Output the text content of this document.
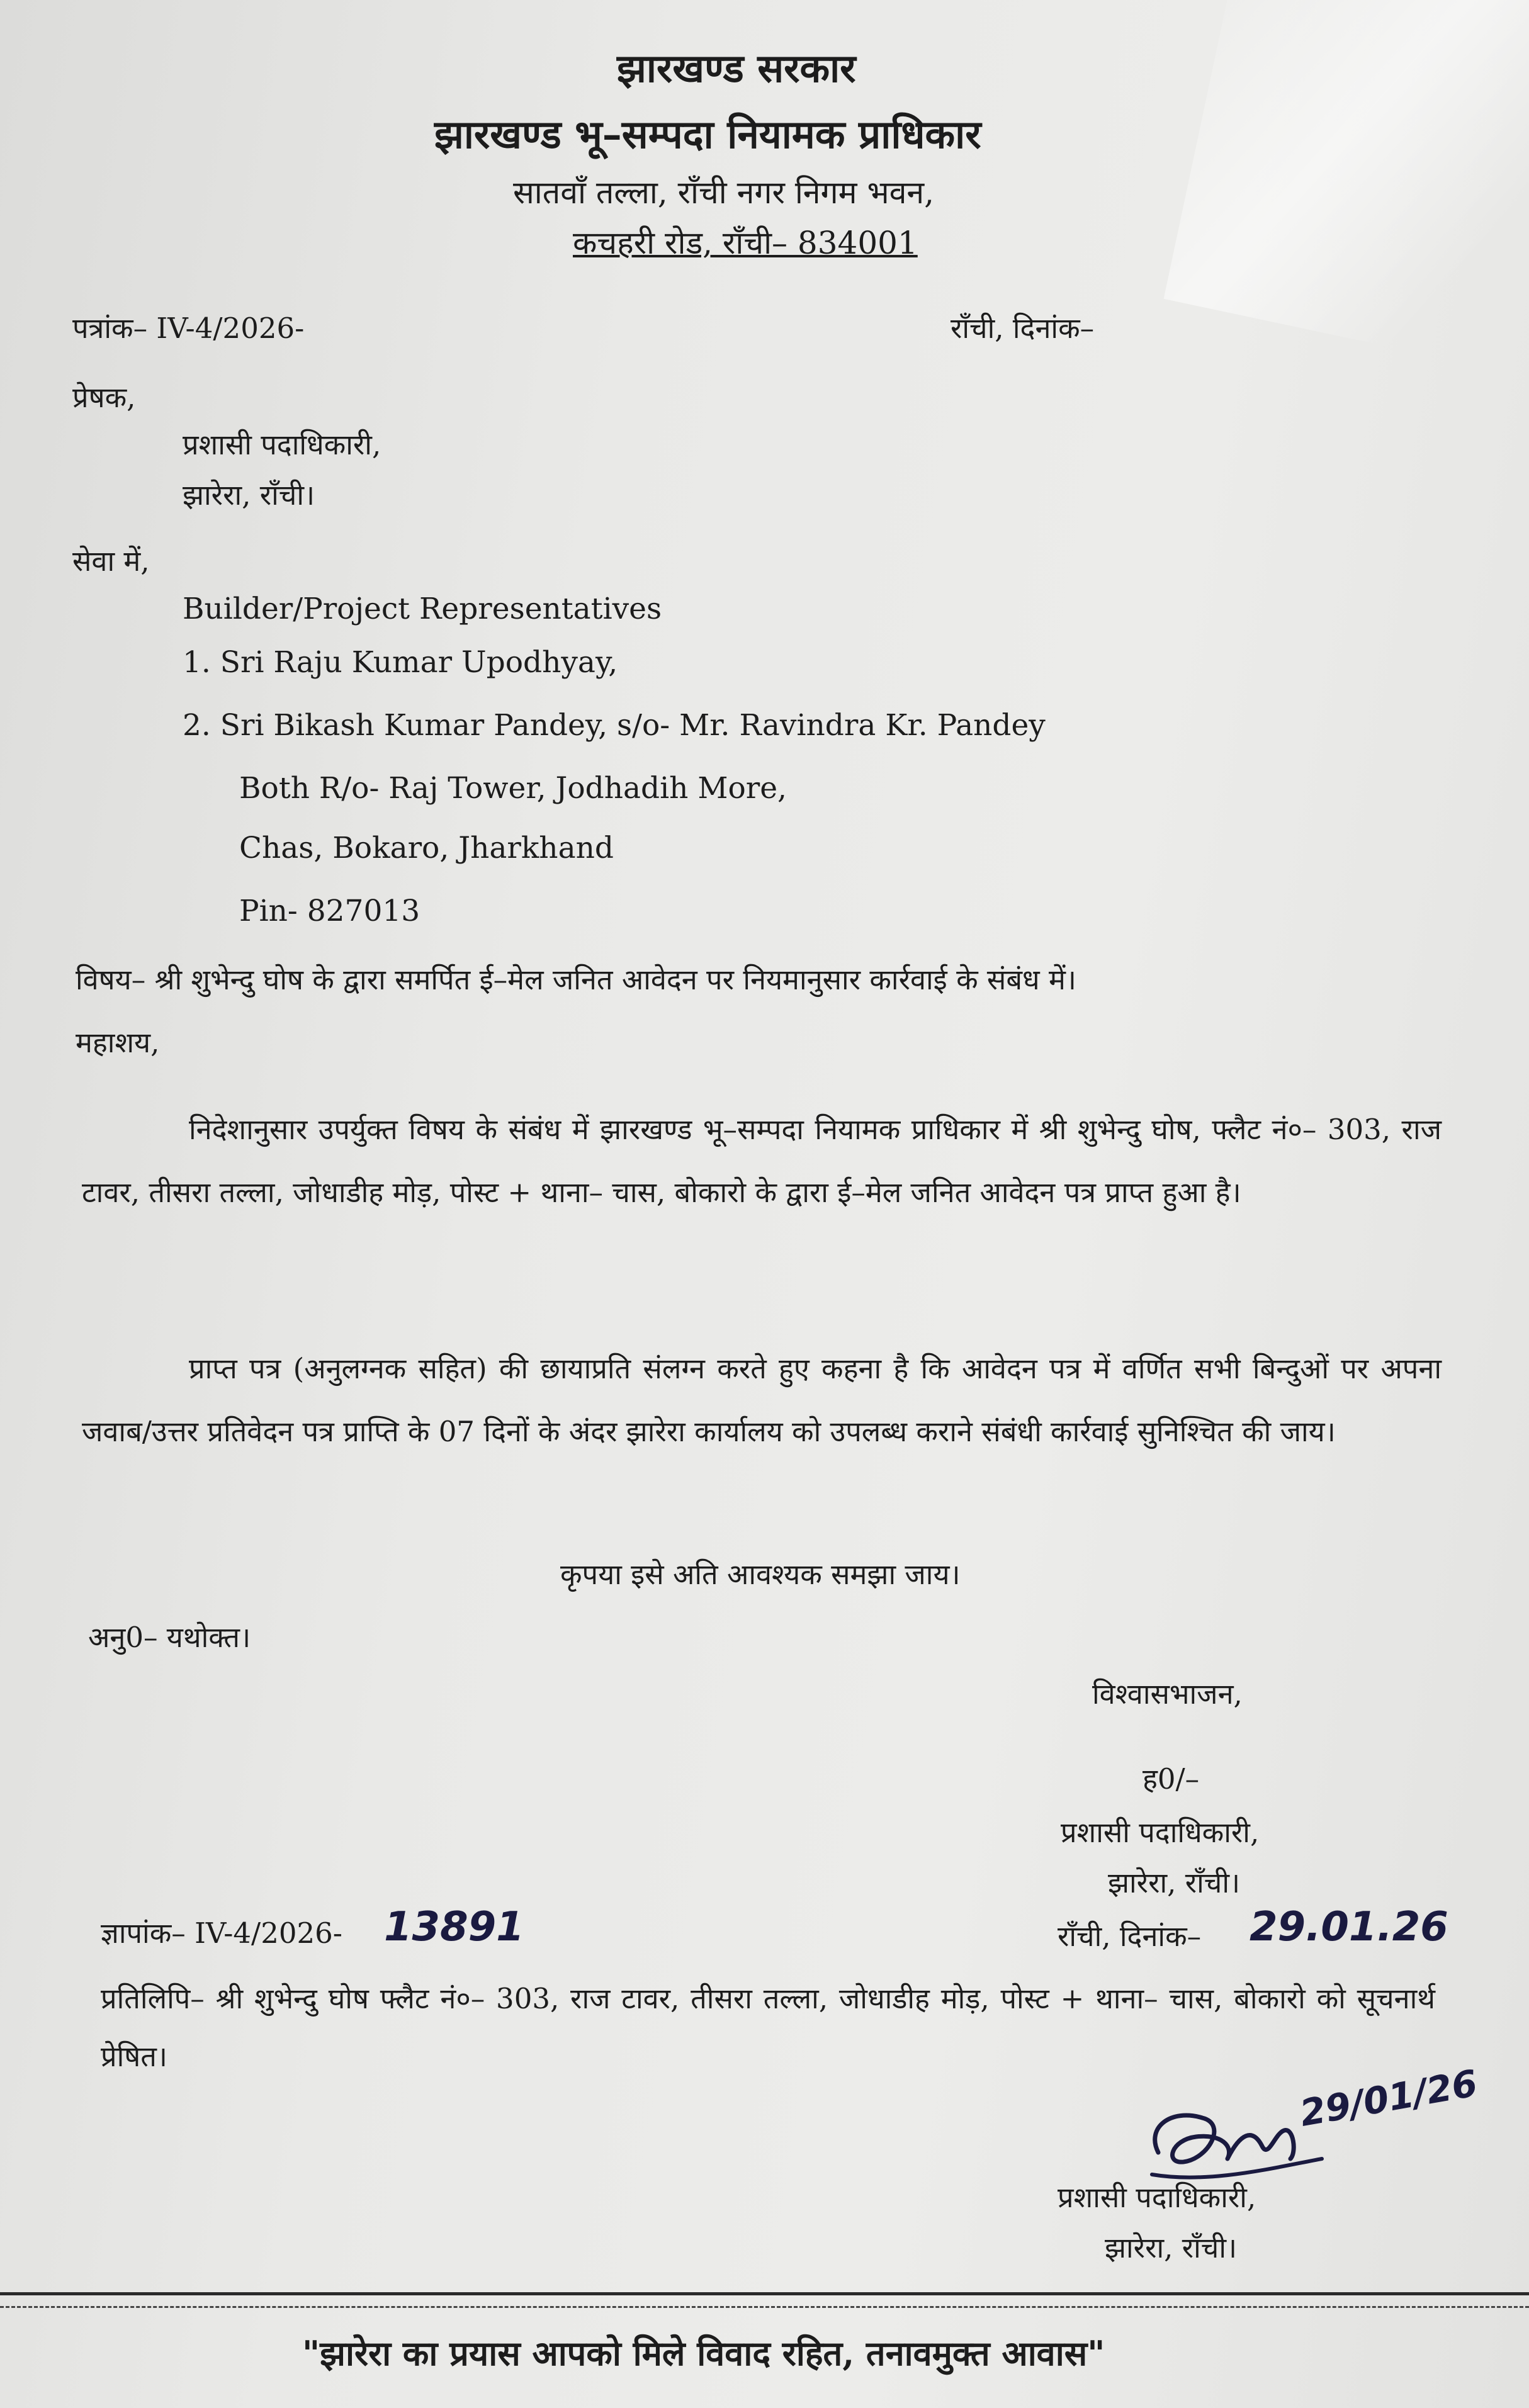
झारखण्ड सरकार
झारखण्ड भू–सम्पदा नियामक प्राधिकार
सातवाँ तल्ला, राँची नगर निगम भवन,
कचहरी रोड, राँची– 834001
पत्रांक– IV-4/2026-	राँची, दिनांक–
प्रेषक,
प्रशासी पदाधिकारी,
झारेरा, राँची।
सेवा में,
Builder/Project Representatives
1. Sri Raju Kumar Upodhyay,
2. Sri Bikash Kumar Pandey, s/o- Mr. Ravindra Kr. Pandey
Both R/o- Raj Tower, Jodhadih More,
Chas, Bokaro, Jharkhand
Pin- 827013
विषय– श्री शुभेन्दु घोष के द्वारा समर्पित ई–मेल जनित आवेदन पर नियमानुसार कार्रवाई के संबंध में।
महाशय,
निदेशानुसार उपर्युक्त विषय के संबंध में झारखण्ड भू–सम्पदा नियामक प्राधिकार में श्री शुभेन्दु घोष, फ्लैट नं०– 303, राज टावर, तीसरा तल्ला, जोधाडीह मोड़, पोस्ट + थाना– चास, बोकारो के द्वारा ई–मेल जनित आवेदन पत्र प्राप्त हुआ है।
प्राप्त पत्र (अनुलग्नक सहित) की छायाप्रति संलग्न करते हुए कहना है कि आवेदन पत्र में वर्णित सभी बिन्दुओं पर अपना जवाब/उत्तर प्रतिवेदन पत्र प्राप्ति के 07 दिनों के अंदर झारेरा कार्यालय को उपलब्ध कराने संबंधी कार्रवाई सुनिश्चित की जाय।
कृपया इसे अति आवश्यक समझा जाय।
अनु0– यथोक्त।
विश्वासभाजन,
ह0/–
प्रशासी पदाधिकारी,
झारेरा, राँची।
ज्ञापांक– IV-4/2026- 13891	राँची, दिनांक– 29.01.26
प्रतिलिपि– श्री शुभेन्दु घोष फ्लैट नं०– 303, राज टावर, तीसरा तल्ला, जोधाडीह मोड़, पोस्ट + थाना– चास, बोकारो को सूचनार्थ प्रेषित।
29/01/26
प्रशासी पदाधिकारी,
झारेरा, राँची।
"झारेरा का प्रयास आपको मिले विवाद रहित, तनावमुक्त आवास"
